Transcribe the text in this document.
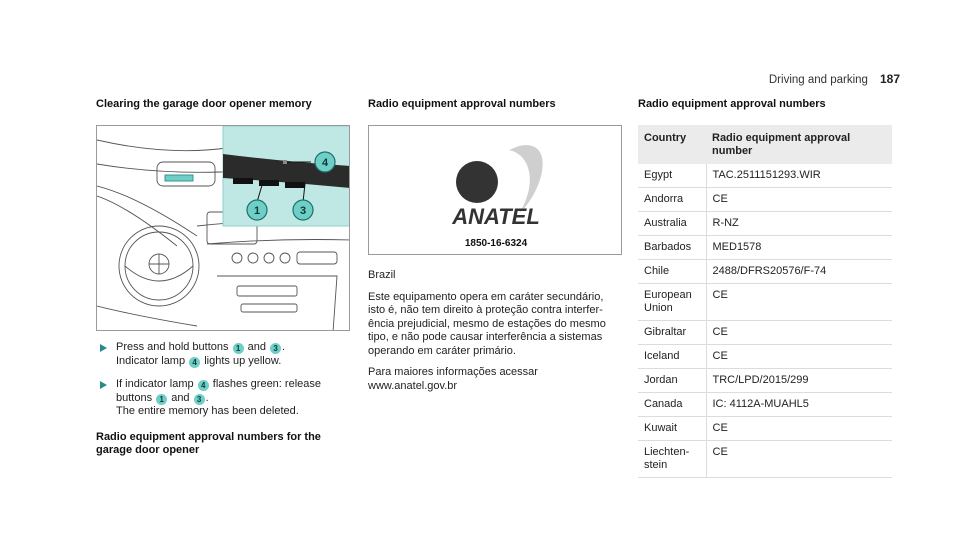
Driving and parking 187
Clearing the garage door opener memory
4
1	3

Press and hold buttons 1 and 3 .

Indicator lamp 4 lights up yellow.

If indicator lamp 4 flashes green: release buttons 1 and 3 .

The entire memory has been deleted.

Radio equipment approval numbers for the garage door opener
Radio equipment approval numbers
ANATEL
1850-16-6324

Brazil

Este equipamento opera em caráter secundário, isto é, não tem direito à proteção contra interfer-ência prejudicial, mesmo de estações do mesmo tipo, e não pode causar interferência a sistemas operando em caráter primário.

Para maiores informações acessar
www.anatel.gov.br

Radio equipment approval numbers
Country	Radio equipment approval number
Egypt	TAC.2511151293.WIR
Andorra	CE
Australia	R-NZ
Barbados	MED1578
Chile	2488/DFRS20576/F-74
European Union	CE
Gibraltar	CE
Iceland	CE
Jordan	TRC/LPD/2015/299
Canada	IC: 4112A-MUAHL5
Kuwait	CE
Liechten-stein	CE
